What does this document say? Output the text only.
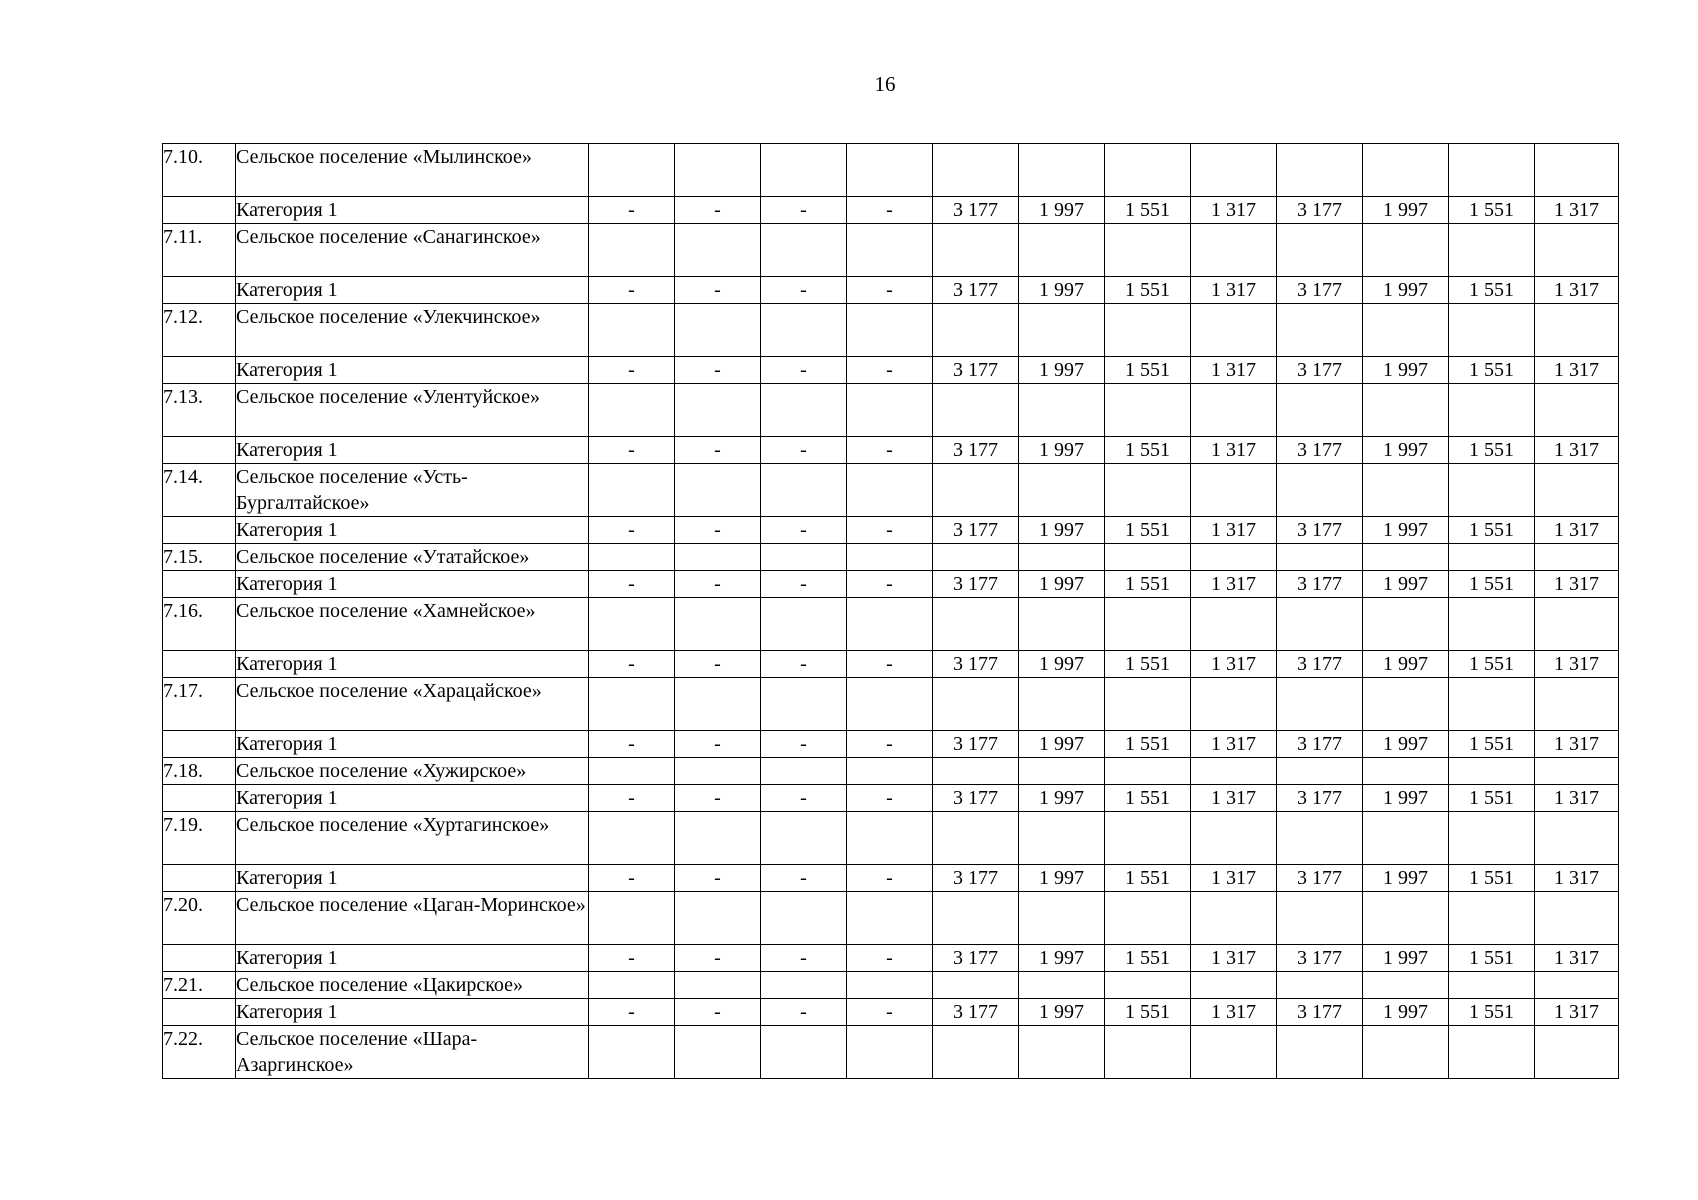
16
7.10.	Сельское поселение «Мылинское»												
	Категория 1	-	-	-	-	3 177	1 997	1 551	1 317	3 177	1 997	1 551	1 317
7.11.	Сельское поселение «Санагинское»												
	Категория 1	-	-	-	-	3 177	1 997	1 551	1 317	3 177	1 997	1 551	1 317
7.12.	Сельское поселение «Улекчинское»												
	Категория 1	-	-	-	-	3 177	1 997	1 551	1 317	3 177	1 997	1 551	1 317
7.13.	Сельское поселение «Улентуйское»												
	Категория 1	-	-	-	-	3 177	1 997	1 551	1 317	3 177	1 997	1 551	1 317
7.14.	Сельское поселение «Усть-Бургалтайское»												
	Категория 1	-	-	-	-	3 177	1 997	1 551	1 317	3 177	1 997	1 551	1 317
7.15.	Сельское поселение «Утатайское»												
	Категория 1	-	-	-	-	3 177	1 997	1 551	1 317	3 177	1 997	1 551	1 317
7.16.	Сельское поселение «Хамнейское»												
	Категория 1	-	-	-	-	3 177	1 997	1 551	1 317	3 177	1 997	1 551	1 317
7.17.	Сельское поселение «Харацайское»												
	Категория 1	-	-	-	-	3 177	1 997	1 551	1 317	3 177	1 997	1 551	1 317
7.18.	Сельское поселение «Хужирское»												
	Категория 1	-	-	-	-	3 177	1 997	1 551	1 317	3 177	1 997	1 551	1 317
7.19.	Сельское поселение «Хуртагинское»												
	Категория 1	-	-	-	-	3 177	1 997	1 551	1 317	3 177	1 997	1 551	1 317
7.20.	Сельское поселение «Цаган-Моринское»												
	Категория 1	-	-	-	-	3 177	1 997	1 551	1 317	3 177	1 997	1 551	1 317
7.21.	Сельское поселение «Цакирское»												
	Категория 1	-	-	-	-	3 177	1 997	1 551	1 317	3 177	1 997	1 551	1 317
7.22.	Сельское поселение «Шара-Азаргинское»												
